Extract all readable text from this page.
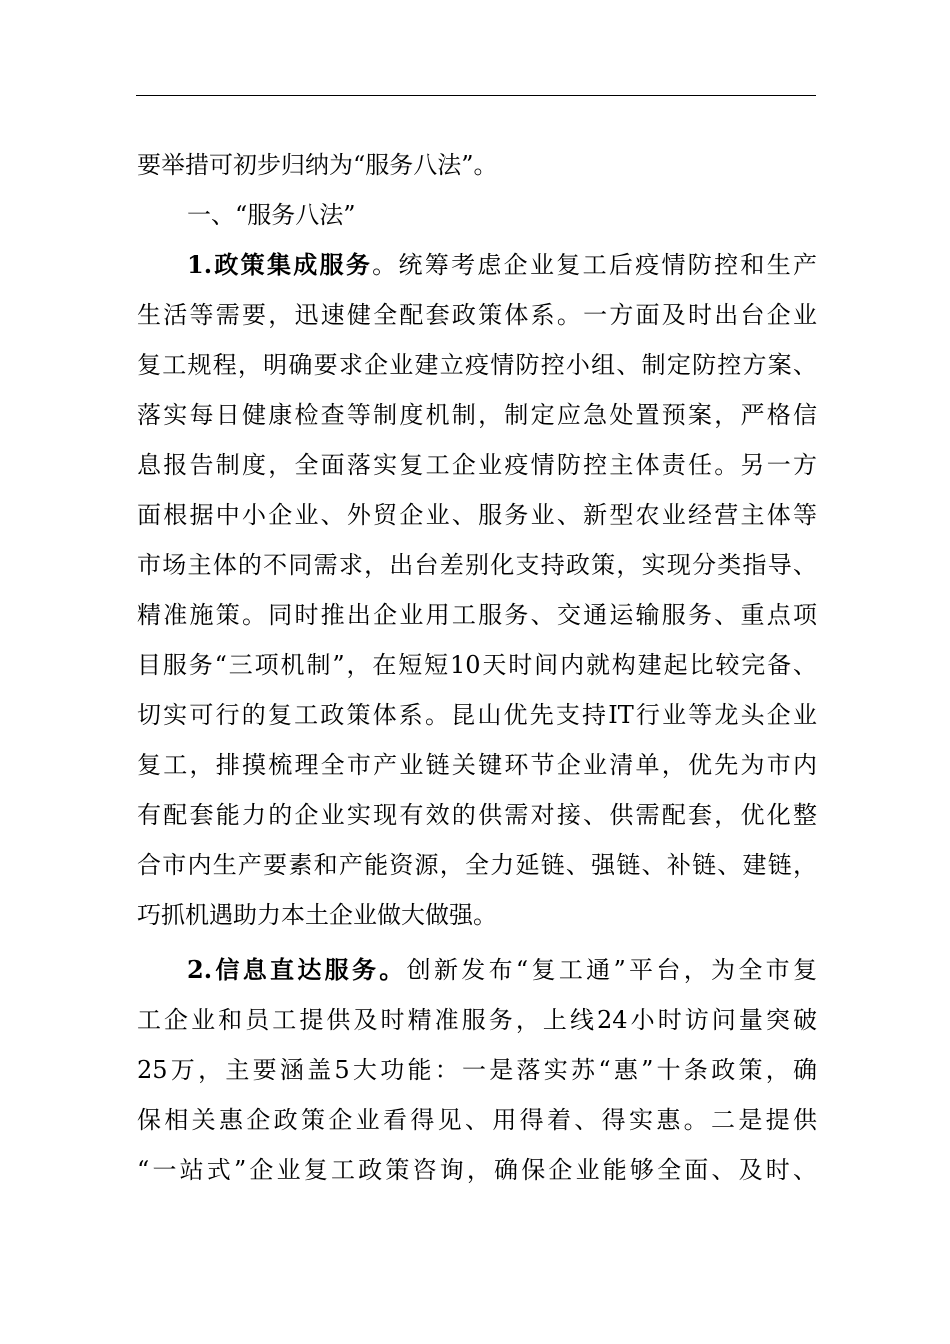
要举措可初步归纳为“服务八法”。
一、“服务八法”
1.政策集成服务。统筹考虑企业复工后疫情防控和生产
生活等需要，迅速健全配套政策体系。一方面及时出台企业
复工规程，明确要求企业建立疫情防控小组、制定防控方案、
落实每日健康检查等制度机制，制定应急处置预案，严格信
息报告制度，全面落实复工企业疫情防控主体责任。另一方
面根据中小企业、外贸企业、服务业、新型农业经营主体等
市场主体的不同需求，出台差别化支持政策，实现分类指导、
精准施策。同时推出企业用工服务、交通运输服务、重点项
目服务“三项机制”，在短短10天时间内就构建起比较完备、
切实可行的复工政策体系。昆山优先支持IT行业等龙头企业
复工，排摸梳理全市产业链关键环节企业清单，优先为市内
有配套能力的企业实现有效的供需对接、供需配套，优化整
合市内生产要素和产能资源，全力延链、强链、补链、建链，
巧抓机遇助力本土企业做大做强。
2.信息直达服务。创新发布“复工通”平台，为全市复
工企业和员工提供及时精准服务，上线24小时访问量突破
25万，主要涵盖5大功能：一是落实苏“惠”十条政策，确
保相关惠企政策企业看得见、用得着、得实惠。二是提供
“一站式”企业复工政策咨询，确保企业能够全面、及时、
